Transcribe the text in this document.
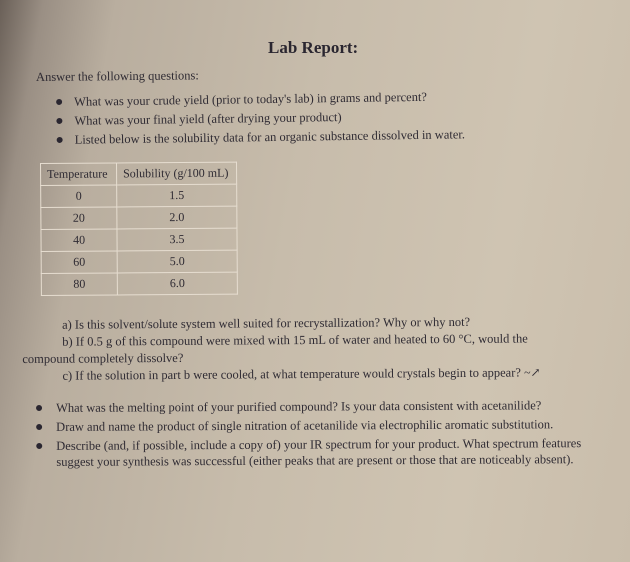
Lab Report:
Answer the following questions:
What was your crude yield (prior to today's lab) in grams and percent?
What was your final yield (after drying your product)
Listed below is the solubility data for an organic substance dissolved in water.
Temperature	Solubility (g/100 mL)
0	1.5
20	2.0
40	3.5
60	5.0
80	6.0
a) Is this solvent/solute system well suited for recrystallization? Why or why not?
b) If 0.5 g of this compound were mixed with 15 mL of water and heated to 60 °C, would the
compound completely dissolve?
c) If the solution in part b were cooled, at what temperature would crystals begin to appear? ~↗
What was the melting point of your purified compound? Is your data consistent with acetanilide?
Draw and name the product of single nitration of acetanilide via electrophilic aromatic substitution.
Describe (and, if possible, include a copy of) your IR spectrum for your product. What spectrum features suggest your synthesis was successful (either peaks that are present or those that are noticeably absent).
